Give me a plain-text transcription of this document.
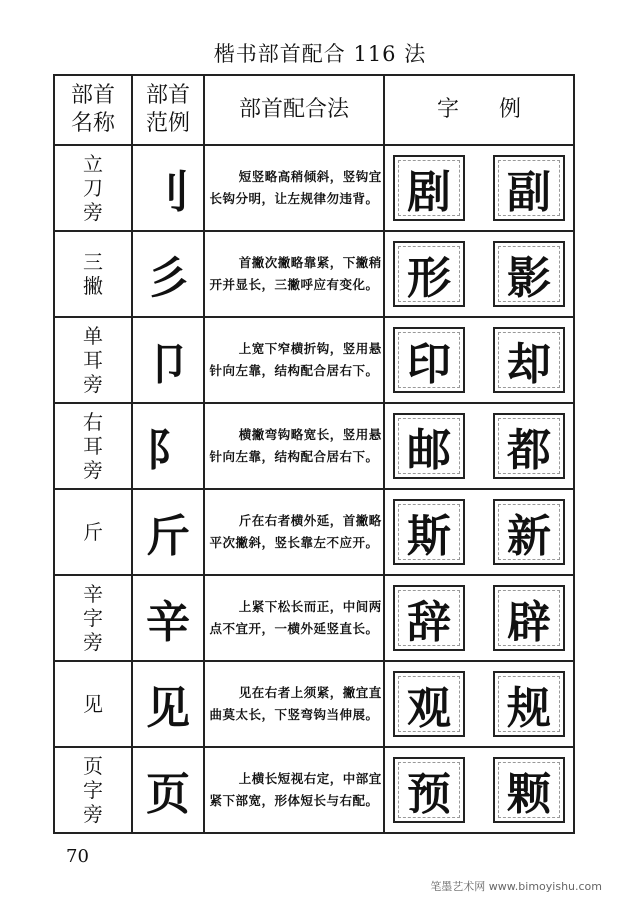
楷书部首配合 116 法
部首名称	部首范例	部首配合法	字 例
立刀旁	刂	短竖略高稍倾斜，竖钩宜长钩分明，让左规律勿违背。	剧 副

三撇	彡	首撇次撇略靠紧，下撇稍开并显长，三撇呼应有变化。	形 影

单耳旁	卩	上宽下窄横折钩，竖用悬针向左靠，结构配合居右下。	印 却

右耳旁	阝	横撇弯钩略宽长，竖用悬针向左靠，结构配合居右下。	邮 都

斤	斤	斤在右者横外延，首撇略平次撇斜，竖长靠左不应开。	斯 新

辛字旁	辛	上紧下松长而正，中间两点不宜开，一横外延竖直长。	辞 辟

见	见	见在右者上须紧，撇宜直曲莫太长，下竖弯钩当伸展。	观 规

页字旁	页	上横长短视右定，中部宜紧下部宽，形体短长与右配。	预 颗
70
笔墨艺术网 www.bimoyishu.com
